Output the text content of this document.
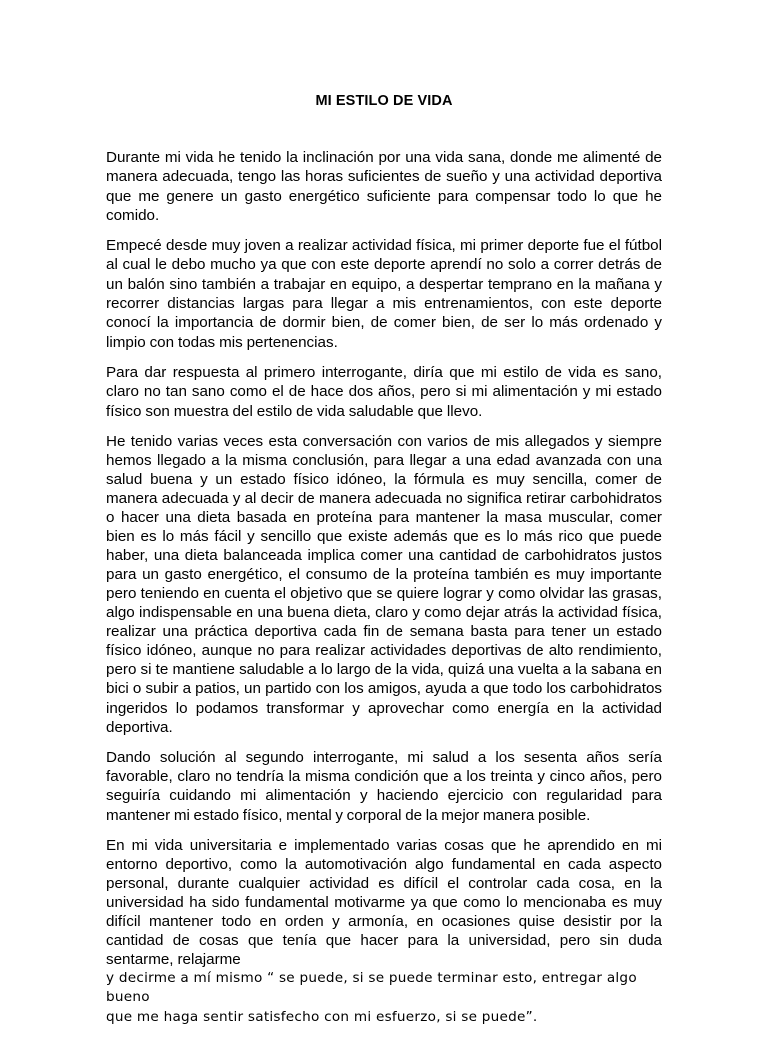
MI ESTILO DE VIDA

Durante mi vida he tenido la inclinación por una vida sana, donde me alimenté de manera adecuada, tengo las horas suficientes de sueño y una actividad deportiva que me genere un gasto energético suficiente para compensar todo lo que he comido.

Empecé desde muy joven a realizar actividad física, mi primer deporte fue el fútbol al cual le debo mucho ya que con este deporte aprendí no solo a correr detrás de un balón sino también a trabajar en equipo, a despertar temprano en la mañana y recorrer distancias largas para llegar a mis entrenamientos, con este deporte conocí la importancia de dormir bien, de comer bien, de ser lo más ordenado y limpio con todas mis pertenencias.

Para dar respuesta al primero interrogante, diría que mi estilo de vida es sano, claro no tan sano como el de hace dos años, pero si mi alimentación y mi estado físico son muestra del estilo de vida saludable que llevo.

He tenido varias veces esta conversación con varios de mis allegados y siempre hemos llegado a la misma conclusión, para llegar a una edad avanzada con una salud buena y un estado físico idóneo, la fórmula es muy sencilla, comer de manera adecuada y al decir de manera adecuada no significa retirar carbohidratos o hacer una dieta basada en proteína para mantener la masa muscular, comer bien es lo más fácil y sencillo que existe además que es lo más rico que puede haber, una dieta balanceada implica comer una cantidad de carbohidratos justos para un gasto energético, el consumo de la proteína también es muy importante pero teniendo en cuenta el objetivo que se quiere lograr y como olvidar las grasas, algo indispensable en una buena dieta, claro y como dejar atrás la actividad física, realizar una práctica deportiva cada fin de semana basta para tener un estado físico idóneo, aunque no para realizar actividades deportivas de alto rendimiento, pero si te mantiene saludable a lo largo de la vida, quizá una vuelta a la sabana en bici o subir a patios, un partido con los amigos, ayuda a que todo los carbohidratos ingeridos lo podamos transformar y aprovechar como energía en la actividad deportiva.

Dando solución al segundo interrogante, mi salud a los sesenta años sería favorable, claro no tendría la misma condición que a los treinta y cinco años, pero seguiría cuidando mi alimentación y haciendo ejercicio con regularidad para mantener mi estado físico, mental y corporal de la mejor manera posible.

En mi vida universitaria e implementado varias cosas que he aprendido en mi entorno deportivo, como la automotivación algo fundamental en cada aspecto personal, durante cualquier actividad es difícil el controlar cada cosa, en la universidad ha sido fundamental motivarme ya que como lo mencionaba es muy difícil mantener todo en orden y armonía, en ocasiones quise desistir por la cantidad de cosas que tenía que hacer para la universidad, pero sin duda sentarme, relajarme
y decirme a mí mismo “ se puede, si se puede terminar esto, entregar algo bueno
que me haga sentir satisfecho con mi esfuerzo, si se puede”.
